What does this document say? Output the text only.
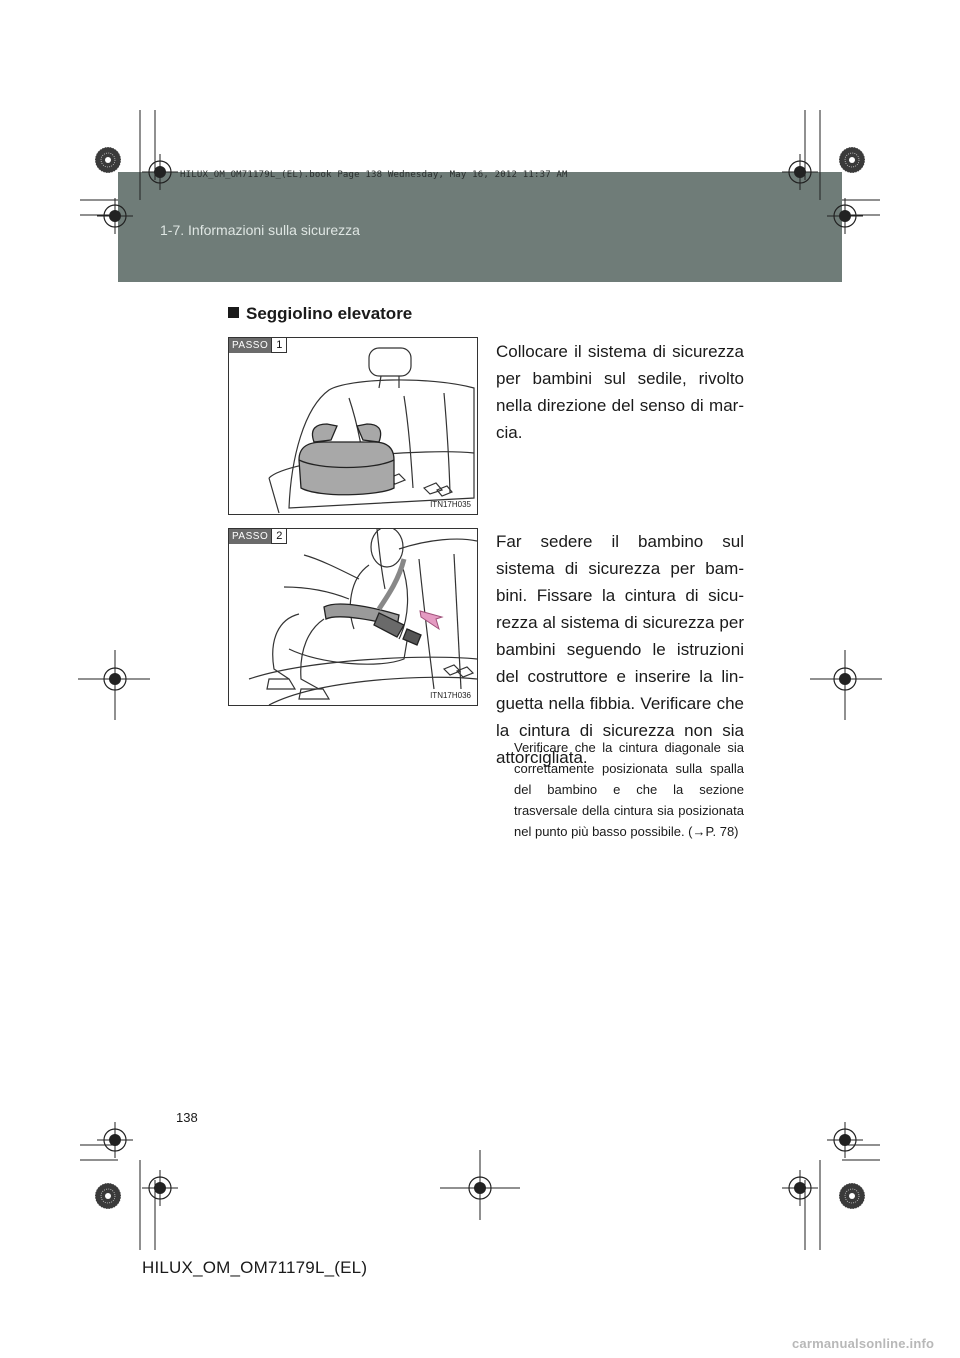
HILUX_OM_OM71179L_(EL).book Page 138 Wednesday, May 16, 2012 11:37 AM
1-7. Informazioni sulla sicurezza
Seggiolino elevatore
PASSO 1
ITN17H035

Collocare il sistema di sicurezza per bambini sul sedile, rivolto nella direzione del senso di mar-cia.

PASSO 2
ITN17H036

Far sedere il bambino sul sistema di sicurezza per bam-bini. Fissare la cintura di sicu-rezza al sistema di sicurezza per bambini seguendo le istruzioni del costruttore e inserire la lin-guetta nella fibbia. Verificare che la cintura di sicurezza non sia attorcigliata.

Verificare che la cintura diagonale sia correttamente posizionata sulla spalla del bambino e che la sezione trasversale della cintura sia posizionata nel punto più basso possibile. (→P. 78)

138
HILUX_OM_OM71179L_(EL)
carmanualsonline.info
